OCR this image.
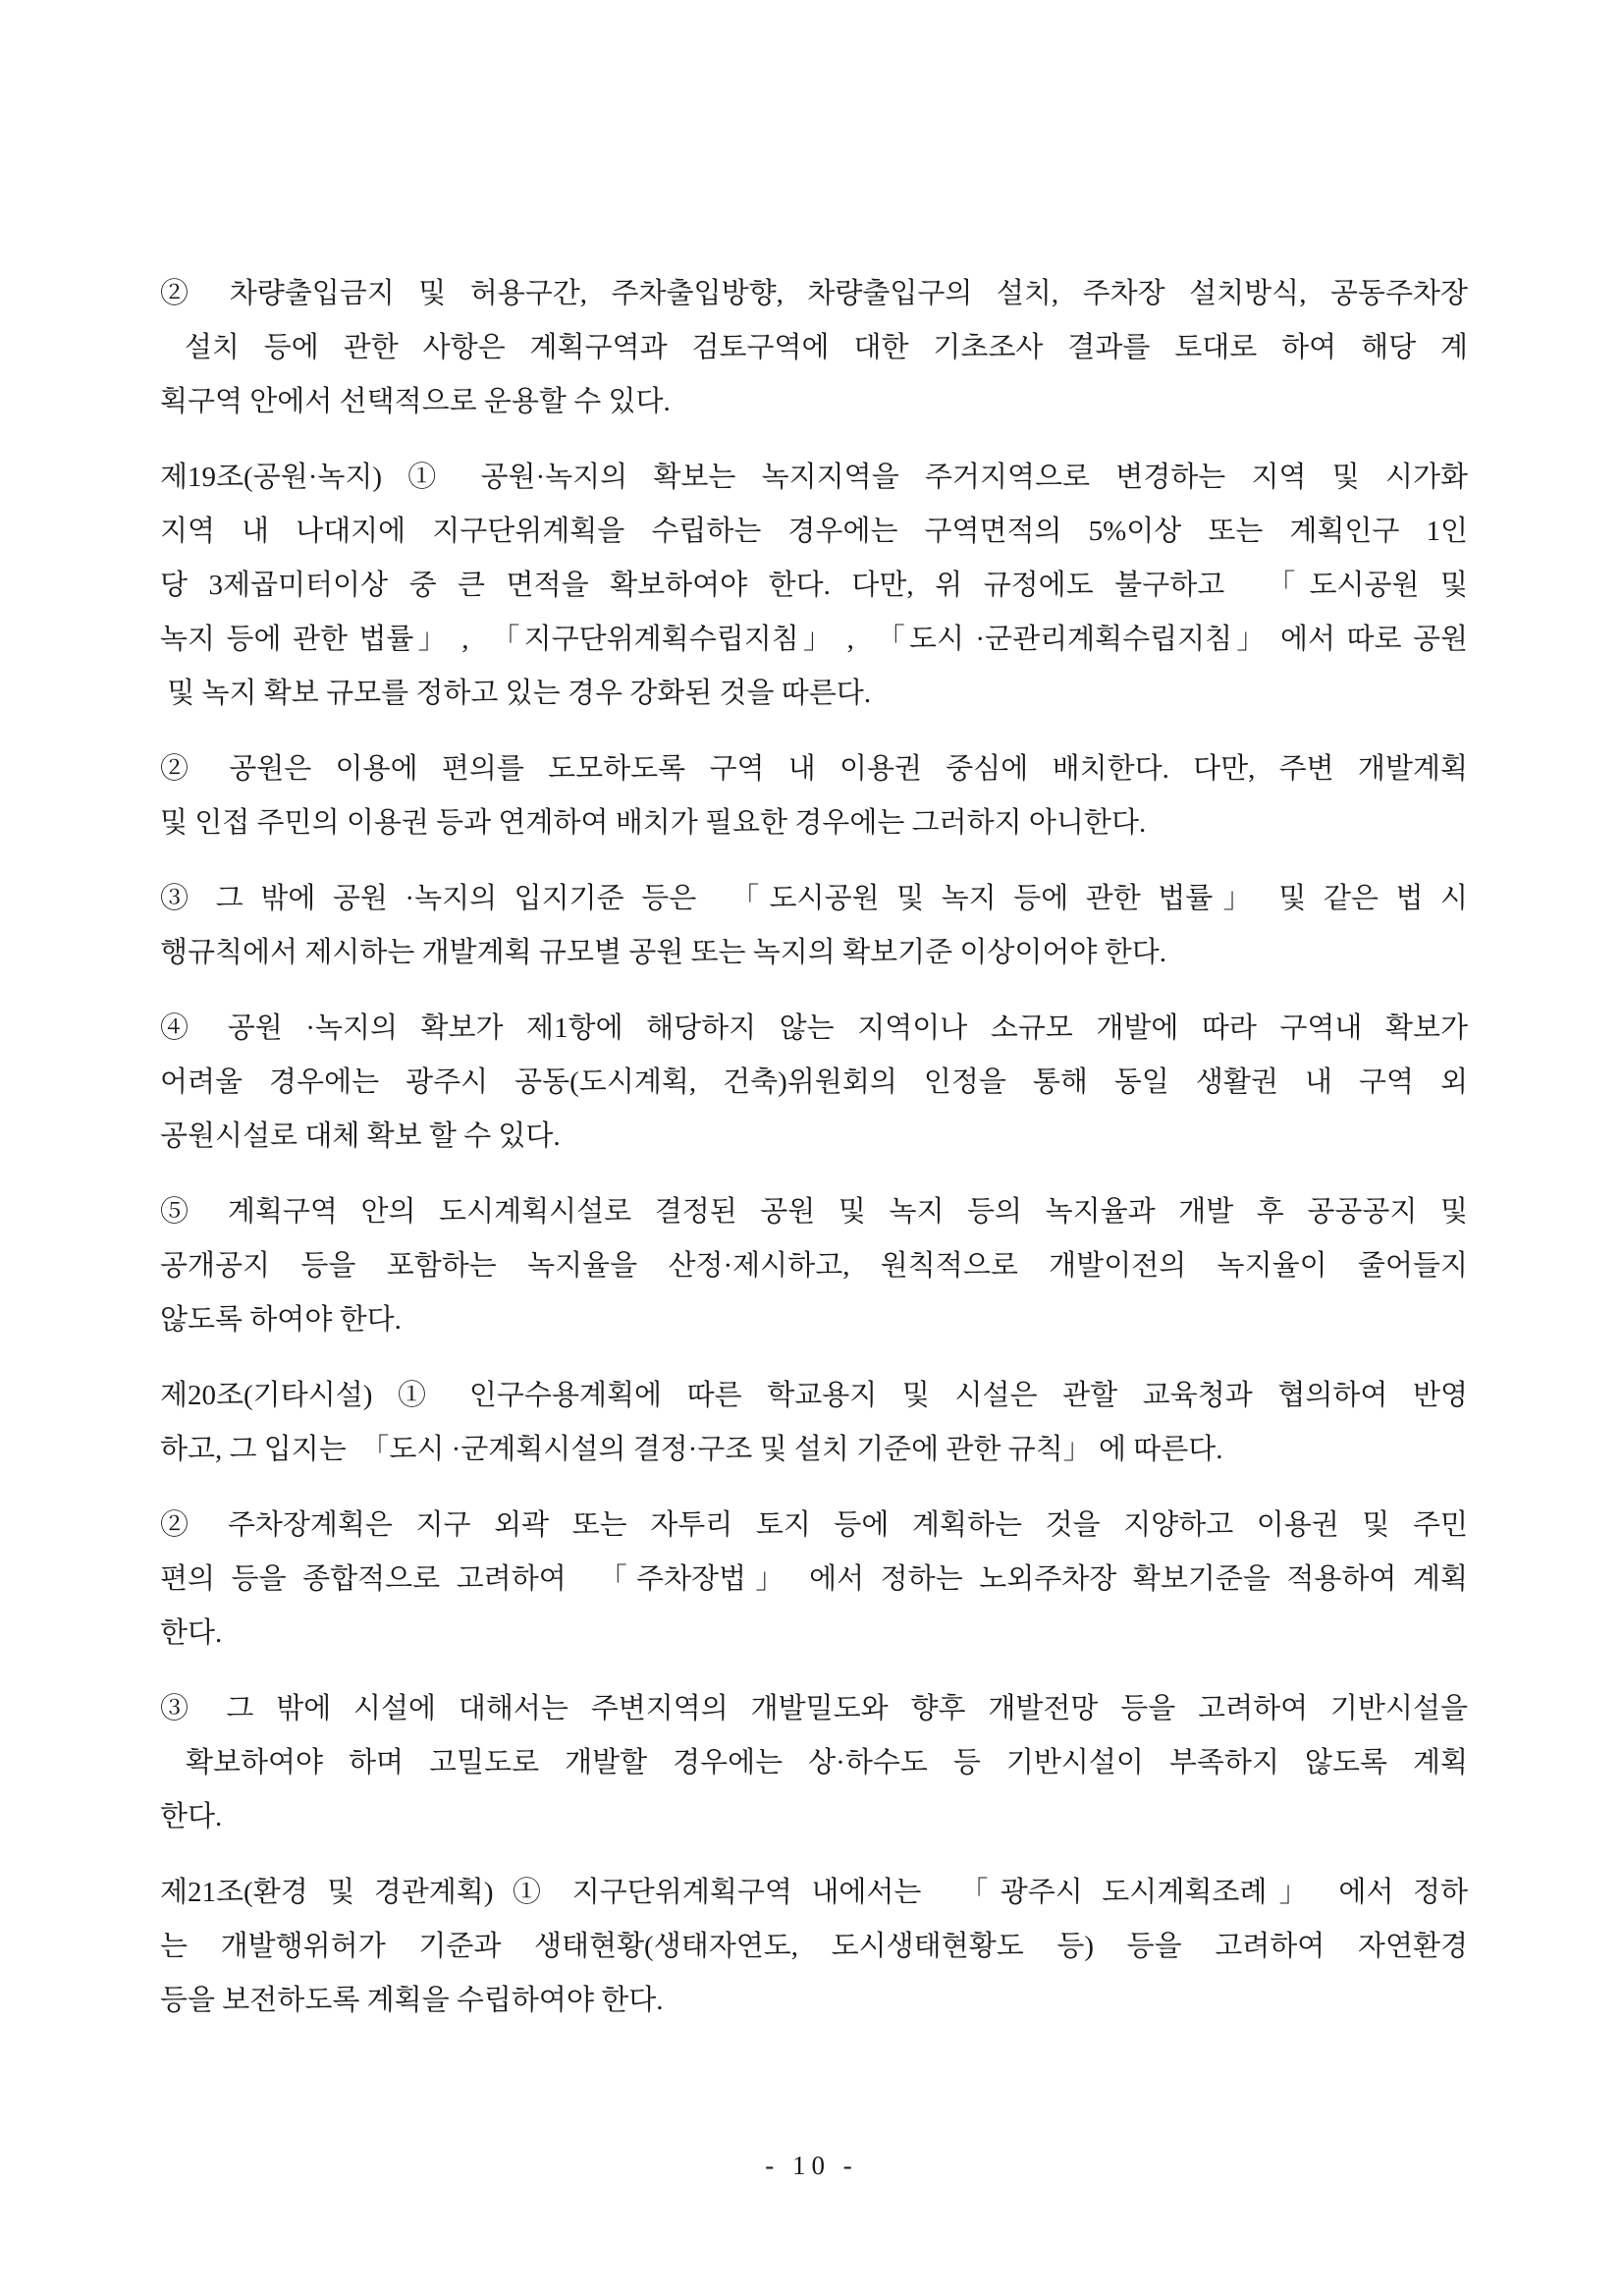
② 차량출입금지 및 허용구간, 주차출입방향, 차량출입구의 설치, 주차장 설치방식, 공동주차장
설치 등에 관한 사항은 계획구역과 검토구역에 대한 기초조사 결과를 토대로 하여 해당 계
획구역 안에서 선택적으로 운용할 수 있다.

제19조(공원·녹지) ① 공원·녹지의 확보는 녹지지역을 주거지역으로 변경하는 지역 및 시가화
지역 내 나대지에 지구단위계획을 수립하는 경우에는 구역면적의 5%이상 또는 계획인구 1인
당 3제곱미터이상 중 큰 면적을 확보하여야 한다. 다만, 위 규정에도 불구하고  「도시공원 및
녹지 등에 관한 법률」 ,  「지구단위계획수립지침」 ,  「도시 ·군관리계획수립지침」 에서 따로 공원
및 녹지 확보 규모를 정하고 있는 경우 강화된 것을 따른다.

② 공원은 이용에 편의를 도모하도록 구역 내 이용권 중심에 배치한다. 다만, 주변 개발계획
및 인접 주민의 이용권 등과 연계하여 배치가 필요한 경우에는 그러하지 아니한다.

③ 그 밖에 공원 ·녹지의 입지기준 등은  「도시공원 및 녹지 등에 관한 법률」 및 같은 법 시
행규칙에서 제시하는 개발계획 규모별 공원 또는 녹지의 확보기준 이상이어야 한다.

④ 공원 ·녹지의 확보가 제1항에 해당하지 않는 지역이나 소규모 개발에 따라 구역내 확보가
어려울 경우에는 광주시 공동(도시계획, 건축)위원회의 인정을 통해 동일 생활권 내 구역 외
공원시설로 대체 확보 할 수 있다.

⑤ 계획구역 안의 도시계획시설로 결정된 공원 및 녹지 등의 녹지율과 개발 후 공공공지 및
공개공지 등을 포함하는 녹지율을 산정·제시하고, 원칙적으로 개발이전의 녹지율이 줄어들지
않도록 하여야 한다.

제20조(기타시설) ① 인구수용계획에 따른 학교용지 및 시설은 관할 교육청과 협의하여 반영
하고, 그 입지는  「도시 ·군계획시설의 결정·구조 및 설치 기준에 관한 규칙」 에 따른다.

② 주차장계획은 지구 외곽 또는 자투리 토지 등에 계획하는 것을 지양하고 이용권 및 주민
편의 등을 종합적으로 고려하여  「주차장법」 에서 정하는 노외주차장 확보기준을 적용하여 계획
한다.

③ 그 밖에 시설에 대해서는 주변지역의 개발밀도와 향후 개발전망 등을 고려하여 기반시설을
확보하여야 하며 고밀도로 개발할 경우에는 상·하수도 등 기반시설이 부족하지 않도록 계획
한다.

제21조(환경 및 경관계획) ① 지구단위계획구역 내에서는  「광주시 도시계획조례」 에서 정하
는 개발행위허가 기준과 생태현황(생태자연도, 도시생태현황도 등) 등을 고려하여 자연환경
등을 보전하도록 계획을 수립하여야 한다.

- 10 -
